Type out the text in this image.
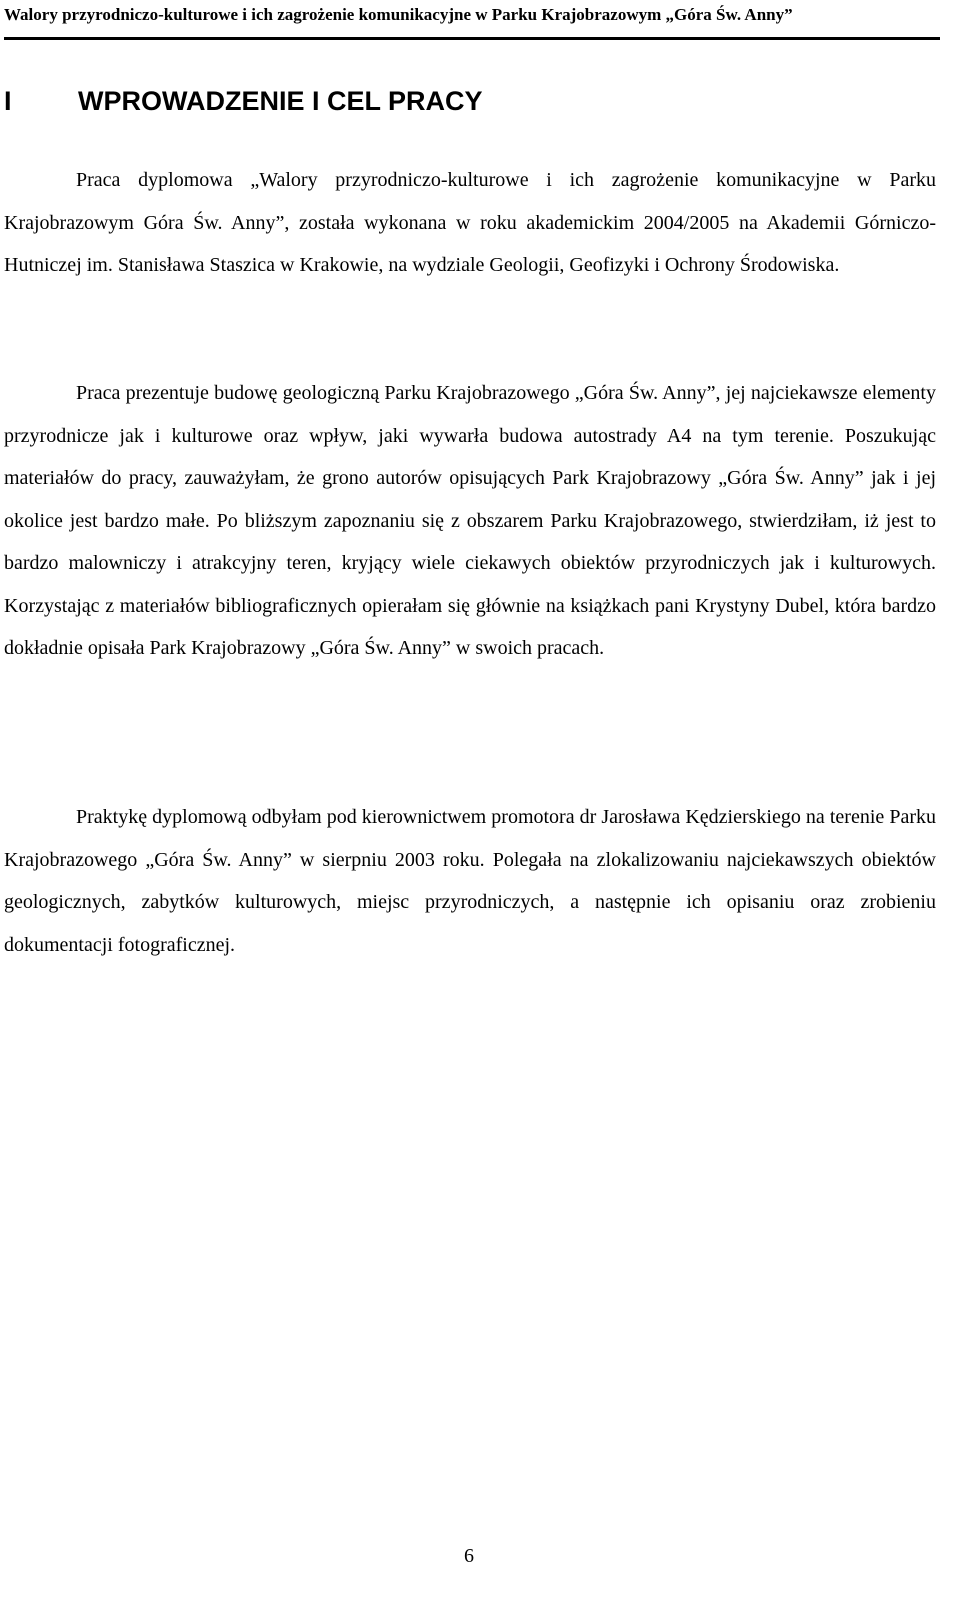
Walory przyrodniczo-kulturowe i ich zagrożenie komunikacyjne w Parku Krajobrazowym „Góra Św. Anny”
I WPROWADZENIE I CEL PRACY

Praca dyplomowa „Walory przyrodniczo-kulturowe i ich zagrożenie komunikacyjne w Parku Krajobrazowym Góra Św. Anny”, została wykonana w roku akademickim 2004/2005 na Akademii Górniczo-Hutniczej im. Stanisława Staszica w Krakowie, na wydziale Geologii, Geofizyki i Ochrony Środowiska.

Praca prezentuje budowę geologiczną Parku Krajobrazowego „Góra Św. Anny”, jej najciekawsze elementy przyrodnicze jak i kulturowe oraz wpływ, jaki wywarła budowa autostrady A4 na tym terenie. Poszukując materiałów do pracy, zauważyłam, że grono autorów opisujących Park Krajobrazowy „Góra Św. Anny” jak i jej okolice jest bardzo małe. Po bliższym zapoznaniu się z obszarem Parku Krajobrazowego, stwierdziłam, iż jest to bardzo malowniczy i atrakcyjny teren, kryjący wiele ciekawych obiektów przyrodniczych jak i kulturowych. Korzystając z materiałów bibliograficznych opierałam się głównie na książkach pani Krystyny Dubel, która bardzo dokładnie opisała Park Krajobrazowy „Góra Św. Anny” w swoich pracach.

Praktykę dyplomową odbyłam pod kierownictwem promotora dr Jarosława Kędzierskiego na terenie Parku Krajobrazowego „Góra Św. Anny” w sierpniu 2003 roku. Polegała na zlokalizowaniu najciekawszych obiektów geologicznych, zabytków kulturowych, miejsc przyrodniczych, a następnie ich opisaniu oraz zrobieniu dokumentacji fotograficznej.

6
